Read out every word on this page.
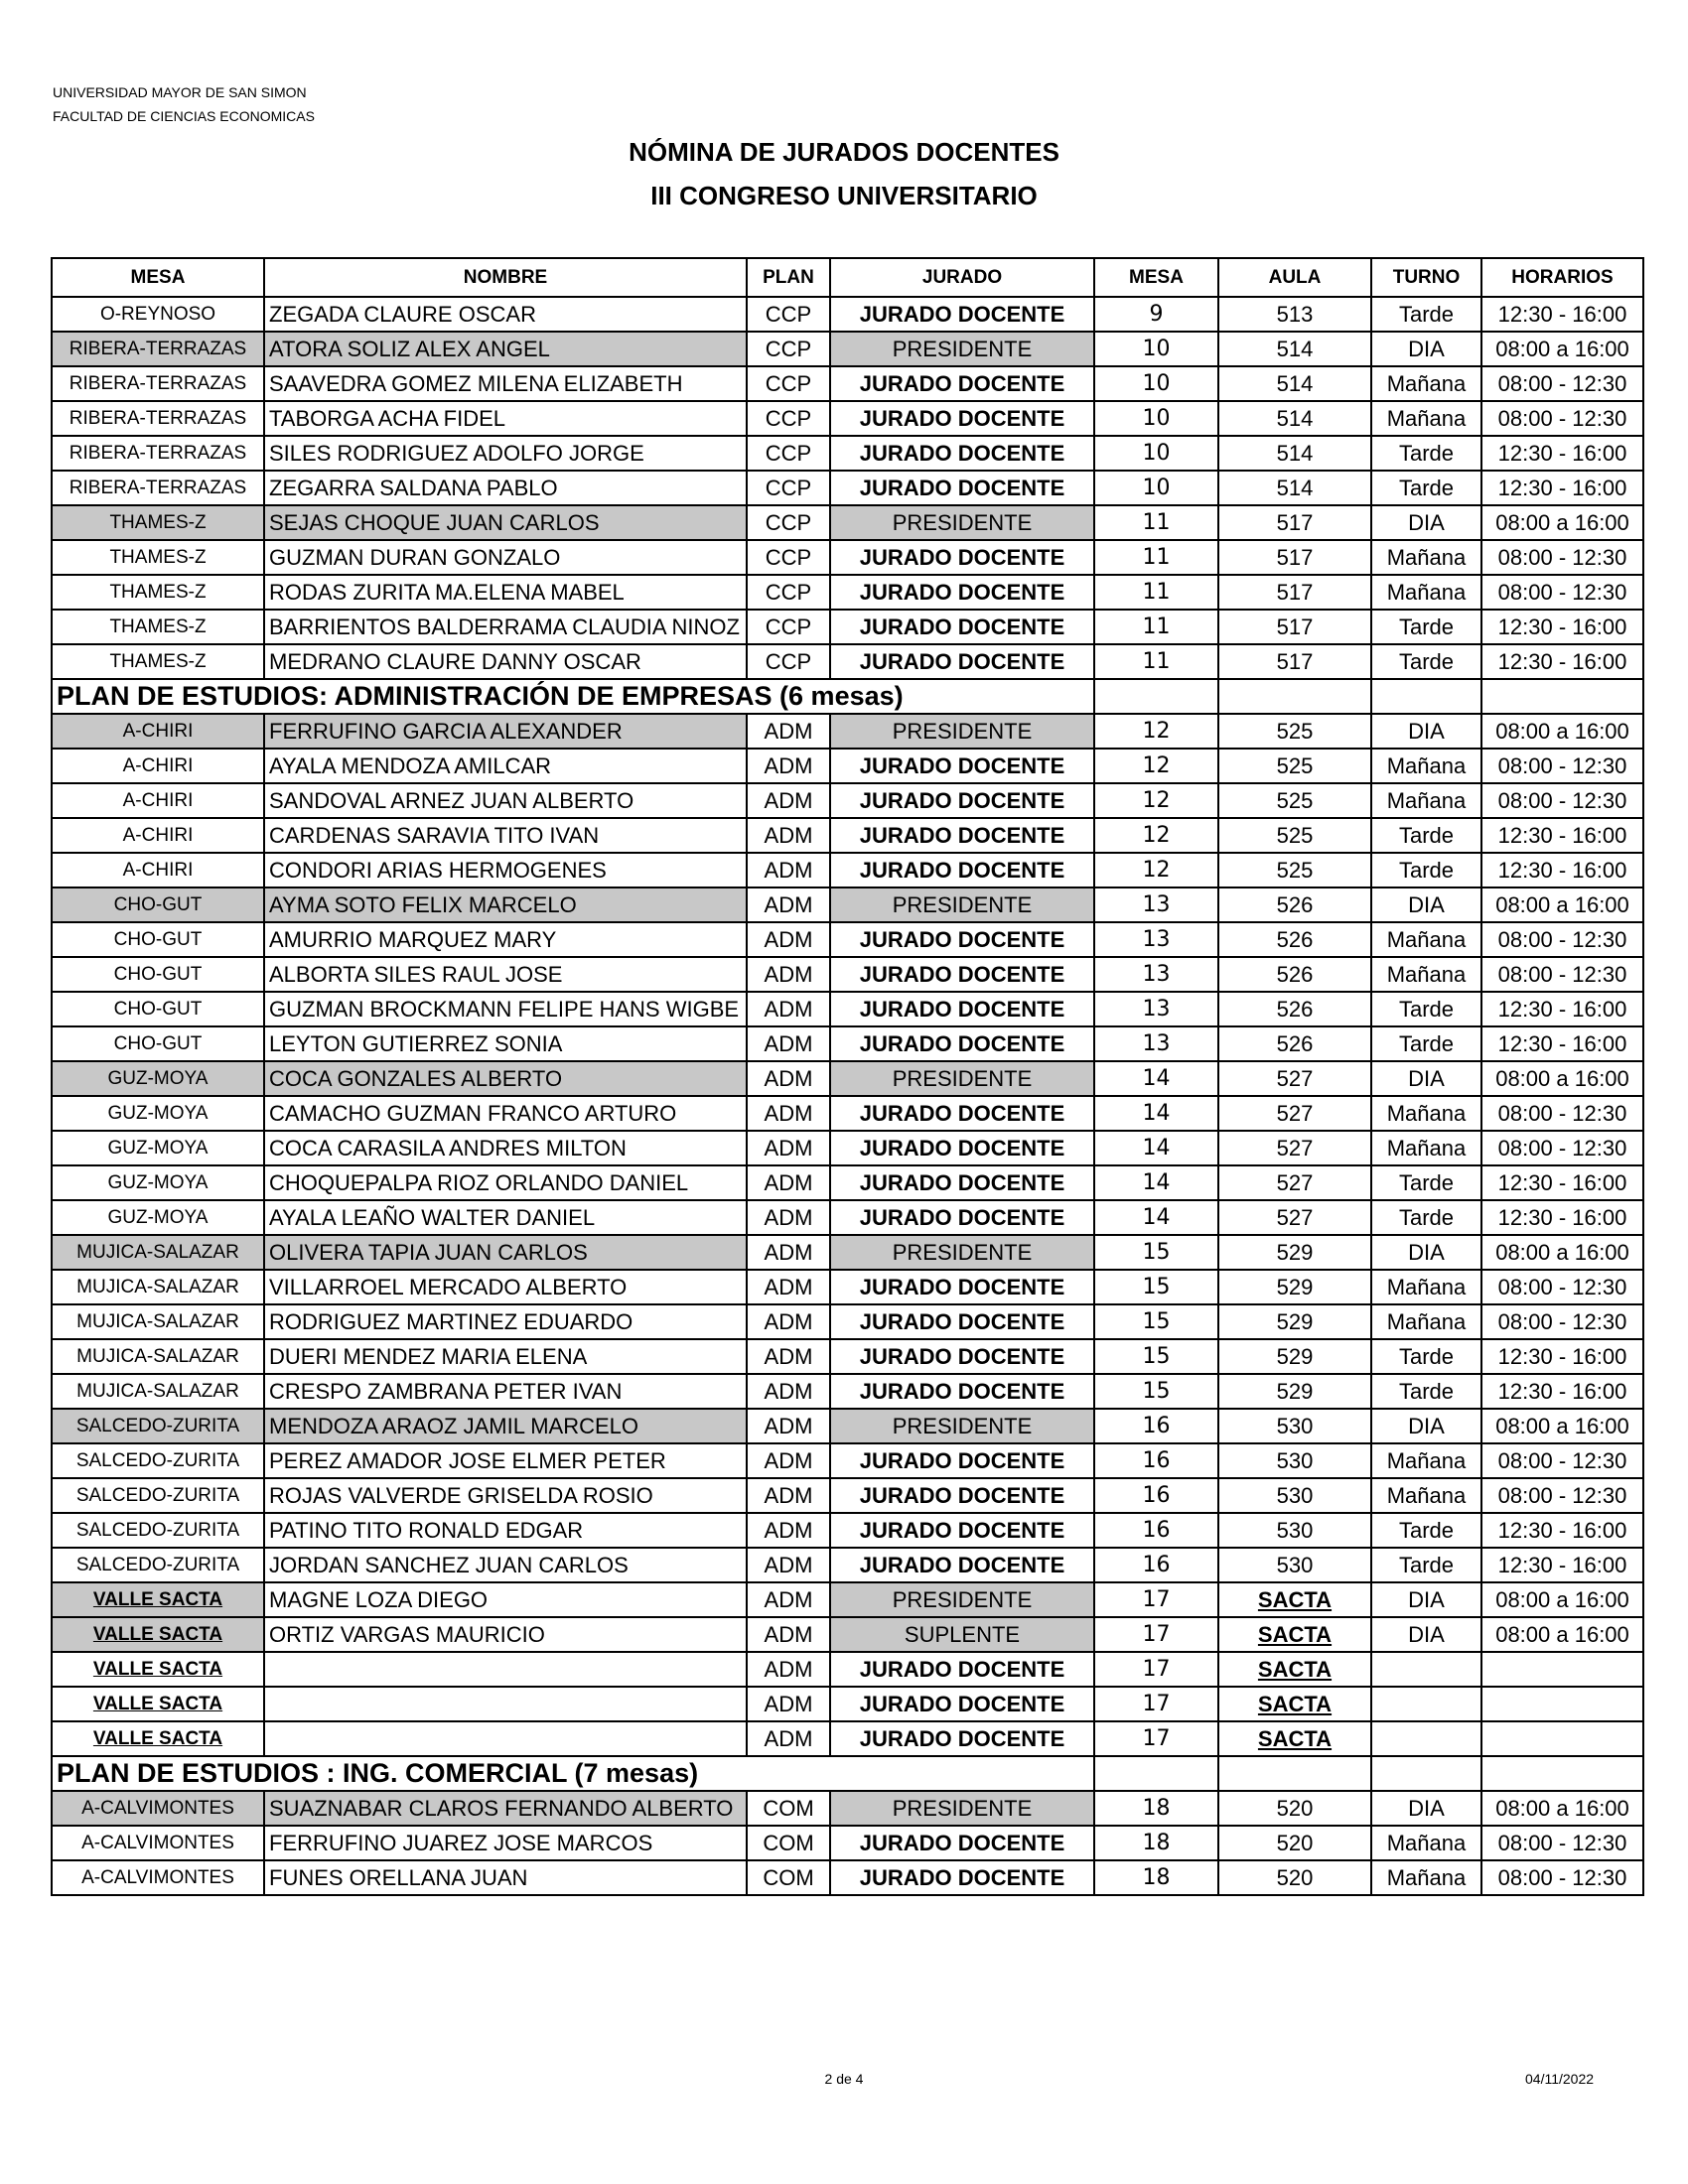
UNIVERSIDAD MAYOR DE SAN SIMON
FACULTAD DE CIENCIAS ECONOMICAS
NÓMINA DE JURADOS DOCENTES
III CONGRESO UNIVERSITARIO
MESA	NOMBRE	PLAN	JURADO	MESA	AULA	TURNO	HORARIOS
O-REYNOSO	ZEGADA CLAURE OSCAR	CCP	JURADO DOCENTE	9	513	Tarde	12:30 - 16:00
RIBERA-TERRAZAS	ATORA SOLIZ ALEX ANGEL	CCP	PRESIDENTE	10	514	DIA	08:00 a 16:00
RIBERA-TERRAZAS	SAAVEDRA GOMEZ MILENA ELIZABETH	CCP	JURADO DOCENTE	10	514	Mañana	08:00 - 12:30
RIBERA-TERRAZAS	TABORGA ACHA FIDEL	CCP	JURADO DOCENTE	10	514	Mañana	08:00 - 12:30
RIBERA-TERRAZAS	SILES RODRIGUEZ ADOLFO JORGE	CCP	JURADO DOCENTE	10	514	Tarde	12:30 - 16:00
RIBERA-TERRAZAS	ZEGARRA SALDANA PABLO	CCP	JURADO DOCENTE	10	514	Tarde	12:30 - 16:00
THAMES-Z	SEJAS CHOQUE JUAN CARLOS	CCP	PRESIDENTE	11	517	DIA	08:00 a 16:00
THAMES-Z	GUZMAN DURAN GONZALO	CCP	JURADO DOCENTE	11	517	Mañana	08:00 - 12:30
THAMES-Z	RODAS ZURITA MA.ELENA MABEL	CCP	JURADO DOCENTE	11	517	Mañana	08:00 - 12:30
THAMES-Z	BARRIENTOS BALDERRAMA CLAUDIA NINOZ	CCP	JURADO DOCENTE	11	517	Tarde	12:30 - 16:00
THAMES-Z	MEDRANO CLAURE DANNY OSCAR	CCP	JURADO DOCENTE	11	517	Tarde	12:30 - 16:00
PLAN DE ESTUDIOS: ADMINISTRACIÓN DE EMPRESAS (6 mesas)							
A-CHIRI	FERRUFINO GARCIA ALEXANDER	ADM	PRESIDENTE	12	525	DIA	08:00 a 16:00
A-CHIRI	AYALA MENDOZA AMILCAR	ADM	JURADO DOCENTE	12	525	Mañana	08:00 - 12:30
A-CHIRI	SANDOVAL ARNEZ JUAN ALBERTO	ADM	JURADO DOCENTE	12	525	Mañana	08:00 - 12:30
A-CHIRI	CARDENAS SARAVIA TITO IVAN	ADM	JURADO DOCENTE	12	525	Tarde	12:30 - 16:00
A-CHIRI	CONDORI ARIAS HERMOGENES	ADM	JURADO DOCENTE	12	525	Tarde	12:30 - 16:00
CHO-GUT	AYMA SOTO FELIX MARCELO	ADM	PRESIDENTE	13	526	DIA	08:00 a 16:00
CHO-GUT	AMURRIO MARQUEZ MARY	ADM	JURADO DOCENTE	13	526	Mañana	08:00 - 12:30
CHO-GUT	ALBORTA SILES RAUL JOSE	ADM	JURADO DOCENTE	13	526	Mañana	08:00 - 12:30
CHO-GUT	GUZMAN BROCKMANN FELIPE HANS WIGBE	ADM	JURADO DOCENTE	13	526	Tarde	12:30 - 16:00
CHO-GUT	LEYTON GUTIERREZ SONIA	ADM	JURADO DOCENTE	13	526	Tarde	12:30 - 16:00
GUZ-MOYA	COCA GONZALES ALBERTO	ADM	PRESIDENTE	14	527	DIA	08:00 a 16:00
GUZ-MOYA	CAMACHO GUZMAN FRANCO ARTURO	ADM	JURADO DOCENTE	14	527	Mañana	08:00 - 12:30
GUZ-MOYA	COCA CARASILA ANDRES MILTON	ADM	JURADO DOCENTE	14	527	Mañana	08:00 - 12:30
GUZ-MOYA	CHOQUEPALPA RIOZ ORLANDO DANIEL	ADM	JURADO DOCENTE	14	527	Tarde	12:30 - 16:00
GUZ-MOYA	AYALA LEAÑO WALTER DANIEL	ADM	JURADO DOCENTE	14	527	Tarde	12:30 - 16:00
MUJICA-SALAZAR	OLIVERA TAPIA JUAN CARLOS	ADM	PRESIDENTE	15	529	DIA	08:00 a 16:00
MUJICA-SALAZAR	VILLARROEL MERCADO ALBERTO	ADM	JURADO DOCENTE	15	529	Mañana	08:00 - 12:30
MUJICA-SALAZAR	RODRIGUEZ MARTINEZ EDUARDO	ADM	JURADO DOCENTE	15	529	Mañana	08:00 - 12:30
MUJICA-SALAZAR	DUERI MENDEZ MARIA ELENA	ADM	JURADO DOCENTE	15	529	Tarde	12:30 - 16:00
MUJICA-SALAZAR	CRESPO ZAMBRANA PETER IVAN	ADM	JURADO DOCENTE	15	529	Tarde	12:30 - 16:00
SALCEDO-ZURITA	MENDOZA ARAOZ JAMIL MARCELO	ADM	PRESIDENTE	16	530	DIA	08:00 a 16:00
SALCEDO-ZURITA	PEREZ AMADOR JOSE ELMER PETER	ADM	JURADO DOCENTE	16	530	Mañana	08:00 - 12:30
SALCEDO-ZURITA	ROJAS VALVERDE GRISELDA ROSIO	ADM	JURADO DOCENTE	16	530	Mañana	08:00 - 12:30
SALCEDO-ZURITA	PATINO TITO RONALD EDGAR	ADM	JURADO DOCENTE	16	530	Tarde	12:30 - 16:00
SALCEDO-ZURITA	JORDAN SANCHEZ JUAN CARLOS	ADM	JURADO DOCENTE	16	530	Tarde	12:30 - 16:00
VALLE SACTA	MAGNE LOZA DIEGO	ADM	PRESIDENTE	17	SACTA	DIA	08:00 a 16:00
VALLE SACTA	ORTIZ VARGAS MAURICIO	ADM	SUPLENTE	17	SACTA	DIA	08:00 a 16:00
VALLE SACTA		ADM	JURADO DOCENTE	17	SACTA		
VALLE SACTA		ADM	JURADO DOCENTE	17	SACTA		
VALLE SACTA		ADM	JURADO DOCENTE	17	SACTA		
PLAN DE ESTUDIOS : ING. COMERCIAL (7 mesas)							
A-CALVIMONTES	SUAZNABAR CLAROS FERNANDO ALBERTO	COM	PRESIDENTE	18	520	DIA	08:00 a 16:00
A-CALVIMONTES	FERRUFINO JUAREZ JOSE MARCOS	COM	JURADO DOCENTE	18	520	Mañana	08:00 - 12:30
A-CALVIMONTES	FUNES ORELLANA JUAN	COM	JURADO DOCENTE	18	520	Mañana	08:00 - 12:30
2 de 4	04/11/2022
